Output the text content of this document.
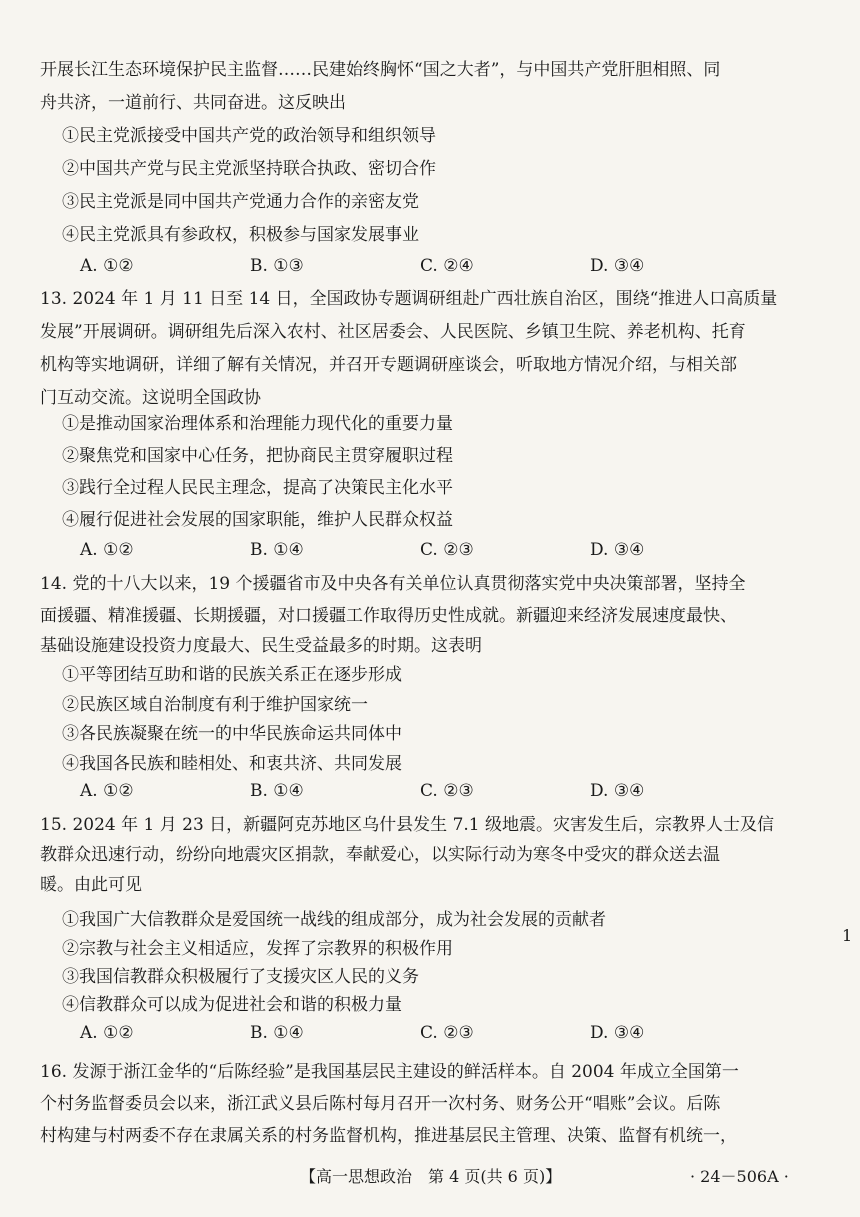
开展长江生态环境保护民主监督……民建始终胸怀“国之大者”，与中国共产党肝胆相照、同
舟共济，一道前行、共同奋进。这反映出
①民主党派接受中国共产党的政治领导和组织领导
②中国共产党与民主党派坚持联合执政、密切合作
③民主党派是同中国共产党通力合作的亲密友党
④民主党派具有参政权，积极参与国家发展事业
A. ①②	B. ①③	C. ②④	D. ③④
13. 2024 年 1 月 11 日至 14 日，全国政协专题调研组赴广西壮族自治区，围绕“推进人口高质量
发展”开展调研。调研组先后深入农村、社区居委会、人民医院、乡镇卫生院、养老机构、托育
机构等实地调研，详细了解有关情况，并召开专题调研座谈会，听取地方情况介绍，与相关部
门互动交流。这说明全国政协
①是推动国家治理体系和治理能力现代化的重要力量
②聚焦党和国家中心任务，把协商民主贯穿履职过程
③践行全过程人民民主理念，提高了决策民主化水平
④履行促进社会发展的国家职能，维护人民群众权益
A. ①②	B. ①④	C. ②③	D. ③④
14. 党的十八大以来，19 个援疆省市及中央各有关单位认真贯彻落实党中央决策部署，坚持全
面援疆、精准援疆、长期援疆，对口援疆工作取得历史性成就。新疆迎来经济发展速度最快、
基础设施建设投资力度最大、民生受益最多的时期。这表明
①平等团结互助和谐的民族关系正在逐步形成
②民族区域自治制度有利于维护国家统一
③各民族凝聚在统一的中华民族命运共同体中
④我国各民族和睦相处、和衷共济、共同发展
A. ①②	B. ①④	C. ②③	D. ③④
15. 2024 年 1 月 23 日，新疆阿克苏地区乌什县发生 7.1 级地震。灾害发生后，宗教界人士及信
教群众迅速行动，纷纷向地震灾区捐款，奉献爱心，以实际行动为寒冬中受灾的群众送去温
暖。由此可见
①我国广大信教群众是爱国统一战线的组成部分，成为社会发展的贡献者
②宗教与社会主义相适应，发挥了宗教界的积极作用
③我国信教群众积极履行了支援灾区人民的义务
④信教群众可以成为促进社会和谐的积极力量
A. ①②	B. ①④	C. ②③	D. ③④
16. 发源于浙江金华的“后陈经验”是我国基层民主建设的鲜活样本。自 2004 年成立全国第一
个村务监督委员会以来，浙江武义县后陈村每月召开一次村务、财务公开“唱账”会议。后陈
村构建与村两委不存在隶属关系的村务监督机构，推进基层民主管理、决策、监督有机统一，
【高一思想政治　第 4 页(共 6 页)】	· 24－506A ·
1
